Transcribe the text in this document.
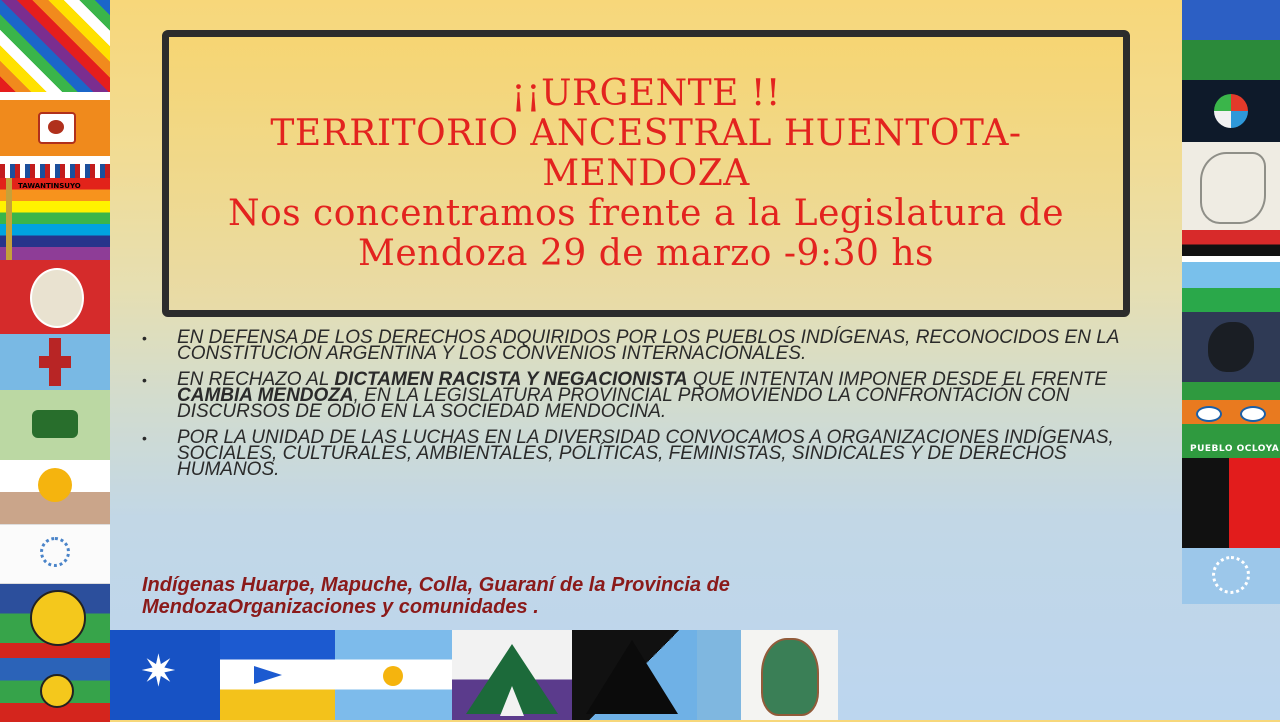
TAWANTINSUYO
PUEBLO OCLOYA
✷
¡¡URGENTE !!
TERRITORIO ANCESTRAL HUENTOTA-
MENDOZA
Nos concentramos frente a la Legislatura de
Mendoza 29 de marzo -9:30 hs
• EN DEFENSA DE LOS DERECHOS ADQUIRIDOS POR LOS PUEBLOS INDÍGENAS, RECONOCIDOS EN LA CONSTITUCIÓN ARGENTINA Y LOS CONVENIOS INTERNACIONALES.
• EN RECHAZO AL DICTAMEN RACISTA Y NEGACIONISTA QUE INTENTAN IMPONER DESDE EL FRENTE CAMBIA MENDOZA, EN LA LEGISLATURA PROVINCIAL PROMOVIENDO LA CONFRONTACIÓN CON DISCURSOS DE ODIO EN LA SOCIEDAD MENDOCINA.
• POR LA UNIDAD DE LAS LUCHAS EN LA DIVERSIDAD CONVOCAMOS A ORGANIZACIONES INDÍGENAS, SOCIALES, CULTURALES, AMBIENTALES, POLÍTICAS, FEMINISTAS, SINDICALES Y DE DERECHOS HUMANOS.
Indígenas Huarpe, Mapuche, Colla, Guaraní de la Provincia de MendozaOrganizaciones y comunidades .
